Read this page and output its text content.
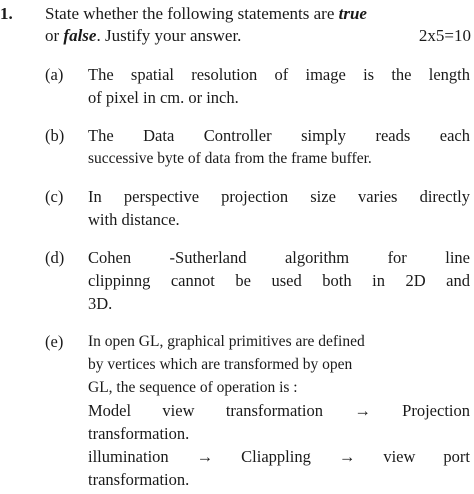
1. State whether the following statements are true
or false. Justify your answer.	2x5=10
(a)	The spatial resolution of image is the length
of pixel in cm. or inch.
(b)	The Data Controller simply reads each
successive byte of data from the frame buffer.
(c)	In perspective projection size varies directly
with distance.
(d)	Cohen -Sutherland algorithm for line
clippinng cannot be used both in 2D and
3D.
(e)	In open GL, graphical primitives are defined
by vertices which are transformed by open
GL, the sequence of operation is :
Model view transformation → Projection
transformation.
illumination → Cliappling → view port
transformation.
